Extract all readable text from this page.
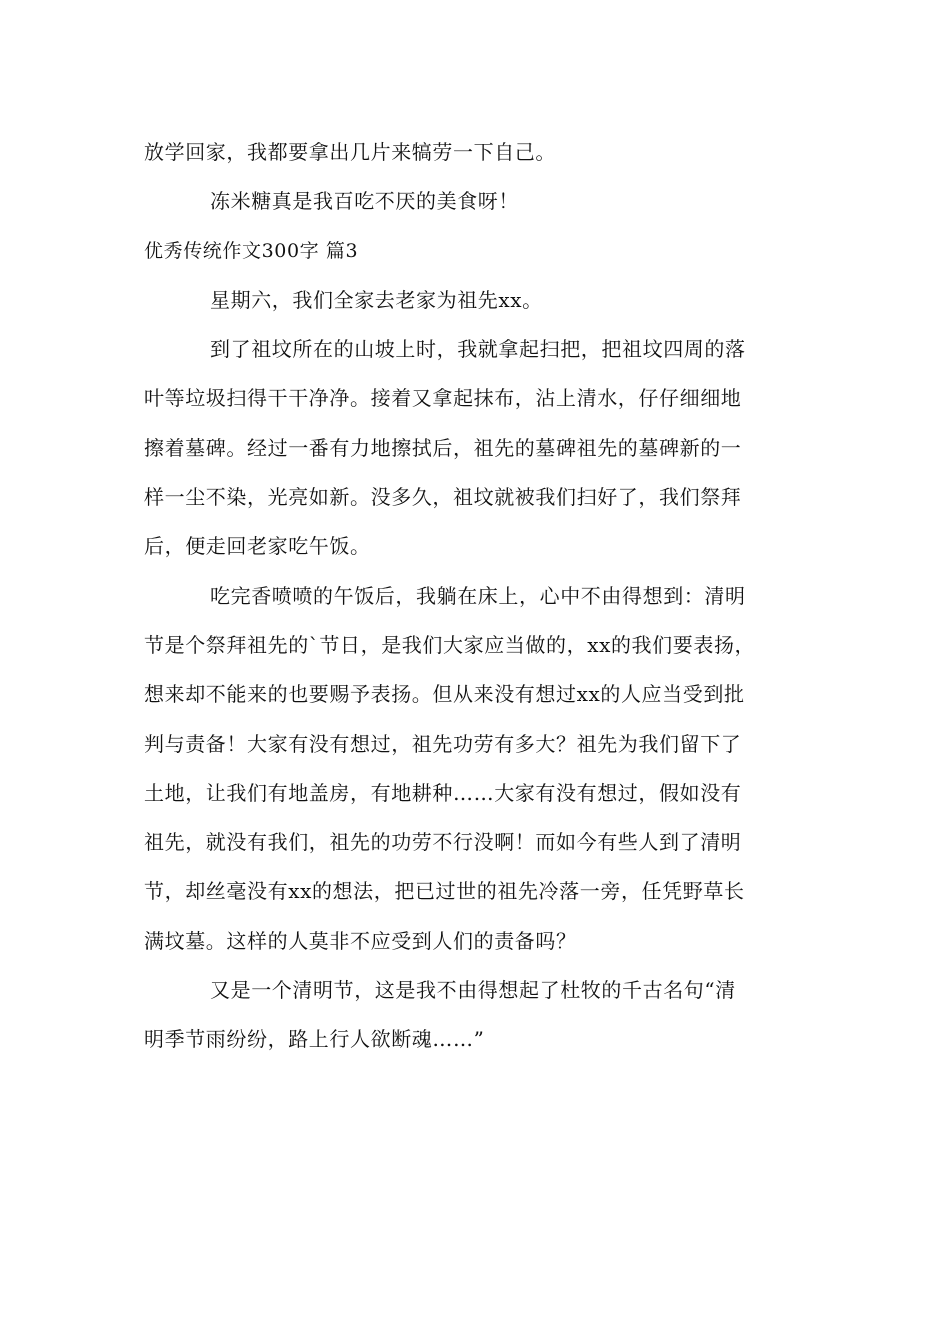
放学回家，我都要拿出几片来犒劳一下自己。
冻米糖真是我百吃不厌的美食呀！
优秀传统作文300字 篇3
星期六，我们全家去老家为祖先xx。
到了祖坟所在的山坡上时，我就拿起扫把，把祖坟四周的落
叶等垃圾扫得干干净净。接着又拿起抹布，沾上清水，仔仔细细地
擦着墓碑。经过一番有力地擦拭后，祖先的墓碑祖先的墓碑新的一
样一尘不染，光亮如新。没多久，祖坟就被我们扫好了，我们祭拜
后，便走回老家吃午饭。
吃完香喷喷的午饭后，我躺在床上，心中不由得想到：清明
节是个祭拜祖先的`节日，是我们大家应当做的，xx的我们要表扬，
想来却不能来的也要赐予表扬。但从来没有想过xx的人应当受到批
判与责备！大家有没有想过，祖先功劳有多大？祖先为我们留下了
土地，让我们有地盖房，有地耕种……大家有没有想过，假如没有
祖先，就没有我们，祖先的功劳不行没啊！而如今有些人到了清明
节，却丝毫没有xx的想法，把已过世的祖先冷落一旁，任凭野草长
满坟墓。这样的人莫非不应受到人们的责备吗？
又是一个清明节，这是我不由得想起了杜牧的千古名句“清
明季节雨纷纷，路上行人欲断魂……”
